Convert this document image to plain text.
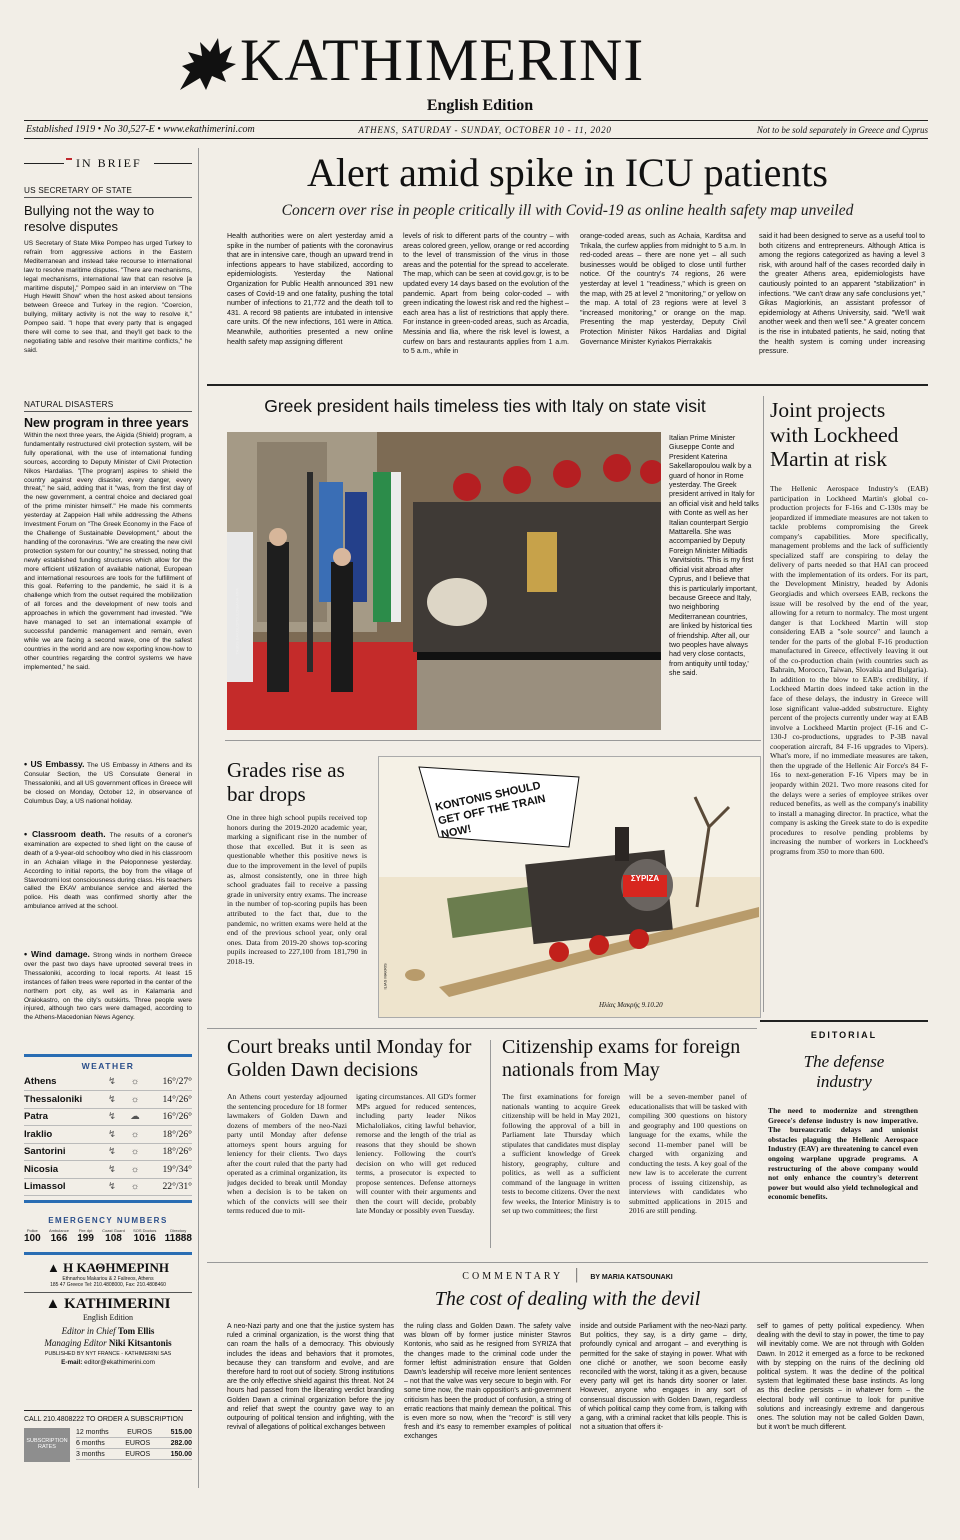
KATHIMERINI
English Edition
Established 1919 • No 30,527-E • www.ekathimerini.com	ATHENS, SATURDAY - SUNDAY, OCTOBER 10 - 11, 2020	Not to be sold separately in Greece and Cyprus
IN BRIEF
US SECRETARY OF STATE
Bullying not the way to resolve disputes
US Secretary of State Mike Pompeo has urged Turkey to refrain from aggressive actions in the Eastern Mediterranean and instead take recourse to international law to resolve maritime disputes. "There are mechanisms, legal mechanisms, international law that can resolve [a maritime dispute]," Pompeo said in an interview on "The Hugh Hewitt Show" when the host asked about tensions between Greece and Turkey in the region. "Coercion, bullying, military activity is not the way to resolve it," Pompeo said. "I hope that every party that is engaged there will come to see that, and they'll get back to the negotiating table and resolve their maritime conflicts," he said.
NATURAL DISASTERS
New program in three years
Within the next three years, the Aigida (Shield) program, a fundamentally restructured civil protection system, will be fully operational, with the use of international funding sources, according to Deputy Minister of Civil Protection Nikos Hardalias. "[The program] aspires to shield the country against every disaster, every danger, every threat," he said, adding that it "was, from the first day of the new government, a central choice and declared goal of the prime minister himself." He made his comments yesterday at Zappeion Hall while addressing the Athens Investment Forum on "The Greek Economy in the Face of the Challenge of Sustainable Development," about the handling of the coronavirus. "We are creating the new civil protection system for our country," he stressed, noting that newly established funding structures which allow for the more efficient utilization of available national, European and international resources are tools for the fulfillment of this goal. Referring to the pandemic, he said it is a challenge which from the outset required the mobilization of all forces and the development of new tools and approaches in which the government had invested. "We have managed to set an international example of successful pandemic management and remain, even while we are facing a second wave, one of the safest countries in the world and are now exporting know-how to other countries regarding the control systems we have implemented," he said.
• US Embassy. The US Embassy in Athens and its Consular Section, the US Consulate General in Thessaloniki, and all US government offices in Greece will be closed on Monday, October 12, in observance of Columbus Day, a US national holiday.
• Classroom death. The results of a coroner's examination are expected to shed light on the cause of death of a 9-year-old schoolboy who died in his classroom in an Achaian village in the Peloponnese yesterday. According to initial reports, the boy from the village of Stavrodromi lost consciousness during class. His teachers called the EKAV ambulance service and alerted the police. His death was confirmed shortly after the ambulance arrived at the school.
• Wind damage. Strong winds in northern Greece over the past two days have uprooted several trees in Thessaloniki, according to local reports. At least 15 instances of fallen trees were reported in the center of the northern port city, as well as in Kalamaria and Oraiokastro, on the city's outskirts. Three people were injured, although two cars were damaged, according to the Athens-Macedonian News Agency.
WEATHER
Athens	↯	☼	16°/27°
Thessaloniki	↯	☼	14°/26°
Patra	↯	☁	16°/26°
Iraklio	↯	☼	18°/26°
Santorini	↯	☼	18°/26°
Nicosia	↯	☼	19°/34°
Limassol	↯	☼	22°/31°
EMERGENCY NUMBERS
Police
100
Ambulance
166
Fire dpt
199
Coast Guard
108
SOS Doctors
1016
Directory
11888
▲ Η ΚΑΘΗΜΕΡΙΝΗ
Ethnarhou Makariou & 2 Falireos, Athens
185 47 Greece Tel: 210.4808000, Fax: 210.4808460
▲ KATHIMERINI
English Edition
Editor in Chief Tom Ellis
Managing Editor Niki Kitsantonis
PUBLISHED BY NYT FRANCE - KATHIMERINI SAS
E-mail: editor@ekathimerini.com
CALL 210.4808222 TO ORDER A SUBSCRIPTION
SUBSCRIPTION RATES
12 months	EUROS	515.00
6 months	EUROS	282.00
3 months	EUROS	150.00
Alert amid spike in ICU patients
Concern over rise in people critically ill with Covid-19 as online health safety map unveiled
Health authorities were on alert yesterday amid a spike in the number of patients with the coronavirus that are in intensive care, though an upward trend in infections appears to have stabilized, according to epidemiologists. Yesterday the National Organization for Public Health announced 391 new cases of Covid-19 and one fatality, pushing the total number of infections to 21,772 and the death toll to 431. A record 98 patients are intubated in intensive care units. Of the new infections, 161 were in Attica. Meanwhile, authorities presented a new online health safety map assigning different
levels of risk to different parts of the country – with areas colored green, yellow, orange or red according to the level of transmission of the virus in those areas and the potential for the spread to accelerate. The map, which can be seen at covid.gov.gr, is to be updated every 14 days based on the evolution of the pandemic. Apart from being color-coded – with green indicating the lowest risk and red the highest – each area has a list of restrictions that apply there. For instance in green-coded areas, such as Arcadia, Messinia and Ilia, where the risk level is lowest, a curfew on bars and restaurants applies from 1 a.m. to 5 a.m., while in
orange-coded areas, such as Achaia, Karditsa and Trikala, the curfew applies from midnight to 5 a.m. In red-coded areas – there are none yet – all such businesses would be obliged to close until further notice. Of the country's 74 regions, 26 were yesterday at level 1 "readiness," which is green on the map, with 25 at level 2 "monitoring," or yellow on the map. A total of 23 regions were at level 3 "increased monitoring," or orange on the map. Presenting the map yesterday, Deputy Civil Protection Minister Nikos Hardalias and Digital Governance Minister Kyriakos Pierrakakis
said it had been designed to serve as a useful tool to both citizens and entrepreneurs. Although Attica is among the regions categorized as having a level 3 risk, with around half of the cases recorded daily in the greater Athens area, epidemiologists have cautiously pointed to an apparent "stabilization" in infections. "We can't draw any safe conclusions yet," Gikas Magiorkinis, an assistant professor of epidemiology at Athens University, said. "We'll wait another week and then we'll see." A greater concern is the rise in intubated patients, he said, noting that the health system is coming under increasing pressure.
Greek president hails timeless ties with Italy on state visit
TASOS BAKOLOPOULOS/ANA-MPA
Italian Prime Minister Giuseppe Conte and President Katerina Sakellaropoulou walk by a guard of honor in Rome yesterday. The Greek president arrived in Italy for an official visit and held talks with Conte as well as her Italian counterpart Sergio Mattarella. She was accompanied by Deputy Foreign Minister Miltiadis Varvitsiotis. 'This is my first official visit abroad after Cyprus, and I believe that this is particularly important, because Greece and Italy, two neighboring Mediterranean countries, are linked by historical ties of friendship. After all, our two peoples have always had very close contacts, from antiquity until today,' she said.
Joint projects with Lockheed Martin at risk
The Hellenic Aerospace Industry's (EAB) participation in Lockheed Martin's global co-production projects for F-16s and C-130s may be jeopardized if immediate measures are not taken to tackle problems compromising the Greek company's capabilities. More specifically, management problems and the lack of sufficiently specialized staff are conspiring to delay the delivery of parts needed so that HAI can proceed with the implementation of its orders. For its part, the Development Ministry, headed by Adonis Georgiadis and which oversees EAB, reckons the issue will be resolved by the end of the year, allowing for a return to normalcy. The most urgent danger is that Lockheed Martin will stop considering EAB a "sole source" and launch a tender for the parts of the global F-16 production manufactured in Greece, effectively leaving it out of the co-production chain (with countries such as Bahrain, Morocco, Taiwan, Slovakia and Bulgaria). In addition to the blow to EAB's credibility, if Lockheed Martin does indeed take action in the face of these delays, the industry in Greece will lose significant value-added substructure. Eighty percent of the projects currently under way at EAB involve a Lockheed Martin project (F-16 and C-130-J co-productions, upgrades to P-3B naval cooperation aircraft, 84 F-16 upgrades to Vipers). What's more, if no immediate measures are taken, then the upgrade of the Hellenic Air Force's 84 F-16s to next-generation F-16 Vipers may be in jeopardy within 2021. Two more reasons cited for the delays were a series of employee strikes over reduced benefits, as well as the company's inability to install a managing director. In practice, what the company is asking the Greek state to do is expedite procedures to resolve pending problems by increasing the number of workers in Lockheed's programs from 350 to more than 600.
Grades rise as bar drops
One in three high school pupils received top honors during the 2019-2020 academic year, marking a significant rise in the number of those that excelled. But it is seen as questionable whether this positive news is due to the improvement in the level of pupils as, almost consistently, one in three high school graduates fail to receive a passing grade in university entry exams. The increase in the number of top-scoring pupils has been attributed to the fact that, due to the pandemic, no written exams were held at the end of the previous school year, only oral ones. Data from 2019-20 shows top-scoring pupils increased to 227,100 from 181,790 in 2018-19.
KONTONIS SHOULD GET OFF THE TRAIN NOW!
ΣΥΡΙΖΑ
ILIAS MAKRIS
Ηλίας Μακρής 9.10.20
Court breaks until Monday for Golden Dawn decisions
An Athens court yesterday adjourned the sentencing procedure for 18 former lawmakers of Golden Dawn and dozens of members of the neo-Nazi party until Monday after defense attorneys spent hours arguing for leniency for their clients. Two days after the court ruled that the party had operated as a criminal organization, its judges decided to break until Monday when a decision is to be taken on which of the convicts will see their terms reduced due to mit-
igating circumstances. All GD's former MPs argued for reduced sentences, including party leader Nikos Michaloliakos, citing lawful behavior, remorse and the length of the trial as reasons that they should be shown leniency. Following the court's decision on who will get reduced terms, a prosecutor is expected to propose sentences. Defense attorneys will counter with their arguments and then the court will decide, probably late Monday or possibly even Tuesday.
Citizenship exams for foreign nationals from May
The first examinations for foreign nationals wanting to acquire Greek citizenship will be held in May 2021, following the approval of a bill in Parliament late Thursday which stipulates that candidates must display a sufficient knowledge of Greek history, geography, culture and politics, as well as a sufficient command of the language in written tests to become citizens. Over the next few weeks, the Interior Ministry is to set up two committees; the first
will be a seven-member panel of educationalists that will be tasked with compiling 300 questions on history and geography and 100 questions on language for the exams, while the second 11-member panel will be charged with organizing and conducting the tests. A key goal of the new law is to accelerate the current process of issuing citizenship, as interviews with candidates who submitted applications in 2015 and 2016 are still pending.
EDITORIAL
The defense industry
The need to modernize and strengthen Greece's defense industry is now imperative. The bureaucratic delays and unionist obstacles plaguing the Hellenic Aerospace Industry (EAV) are threatening to cancel even ongoing warplane upgrade programs. A restructuring of the above company would not only enhance the country's deterrent power but would also yield technological and economic benefits.
COMMENTARY | BY MARIA KATSOUNAKI
The cost of dealing with the devil
A neo-Nazi party and one that the justice system has ruled a criminal organization, is the worst thing that can roam the halls of a democracy. This obviously includes the ideas and behaviors that it promotes, because they can transform and evolve, and are therefore hard to root out of society. Strong institutions are the only effective shield against this threat. Not 24 hours had passed from the liberating verdict branding Golden Dawn a criminal organization before the joy and relief that swept the country gave way to an outpouring of political tension and infighting, with the revival of allegations of political exchanges between
the ruling class and Golden Dawn. The safety valve was blown off by former justice minister Stavros Kontonis, who said as he resigned from SYRIZA that the changes made to the criminal code under the former leftist administration ensure that Golden Dawn's leadership will receive more lenient sentences – not that the valve was very secure to begin with. For some time now, the main opposition's anti-government criticism has been the product of confusion, a string of erratic reactions that mainly demean the political. This is even more so now, when the "record" is still very fresh and it's easy to remember examples of political exchanges
inside and outside Parliament with the neo-Nazi party. But politics, they say, is a dirty game – dirty, profoundly cynical and arrogant – and everything is permitted for the sake of staying in power. What with one cliché or another, we soon become easily reconciled with the worst, taking it as a given, because every party will get its hands dirty sooner or later. However, anyone who engages in any sort of consensual discussion with Golden Dawn, regardless of which political camp they come from, is talking with a gang, with a criminal racket that kills people. This is not a situation that offers it-
self to games of petty political expediency. When dealing with the devil to stay in power, the time to pay will inevitably come. We are not through with Golden Dawn. In 2012 it emerged as a force to be reckoned with by stepping on the ruins of the declining old political system. It was the decline of the political system that legitimated these base instincts. As long as this decline persists – in whatever form – the electoral body will continue to look for punitive solutions and increasingly extreme and dangerous ones. The solution may not be called Golden Dawn, but it won't be much different.
